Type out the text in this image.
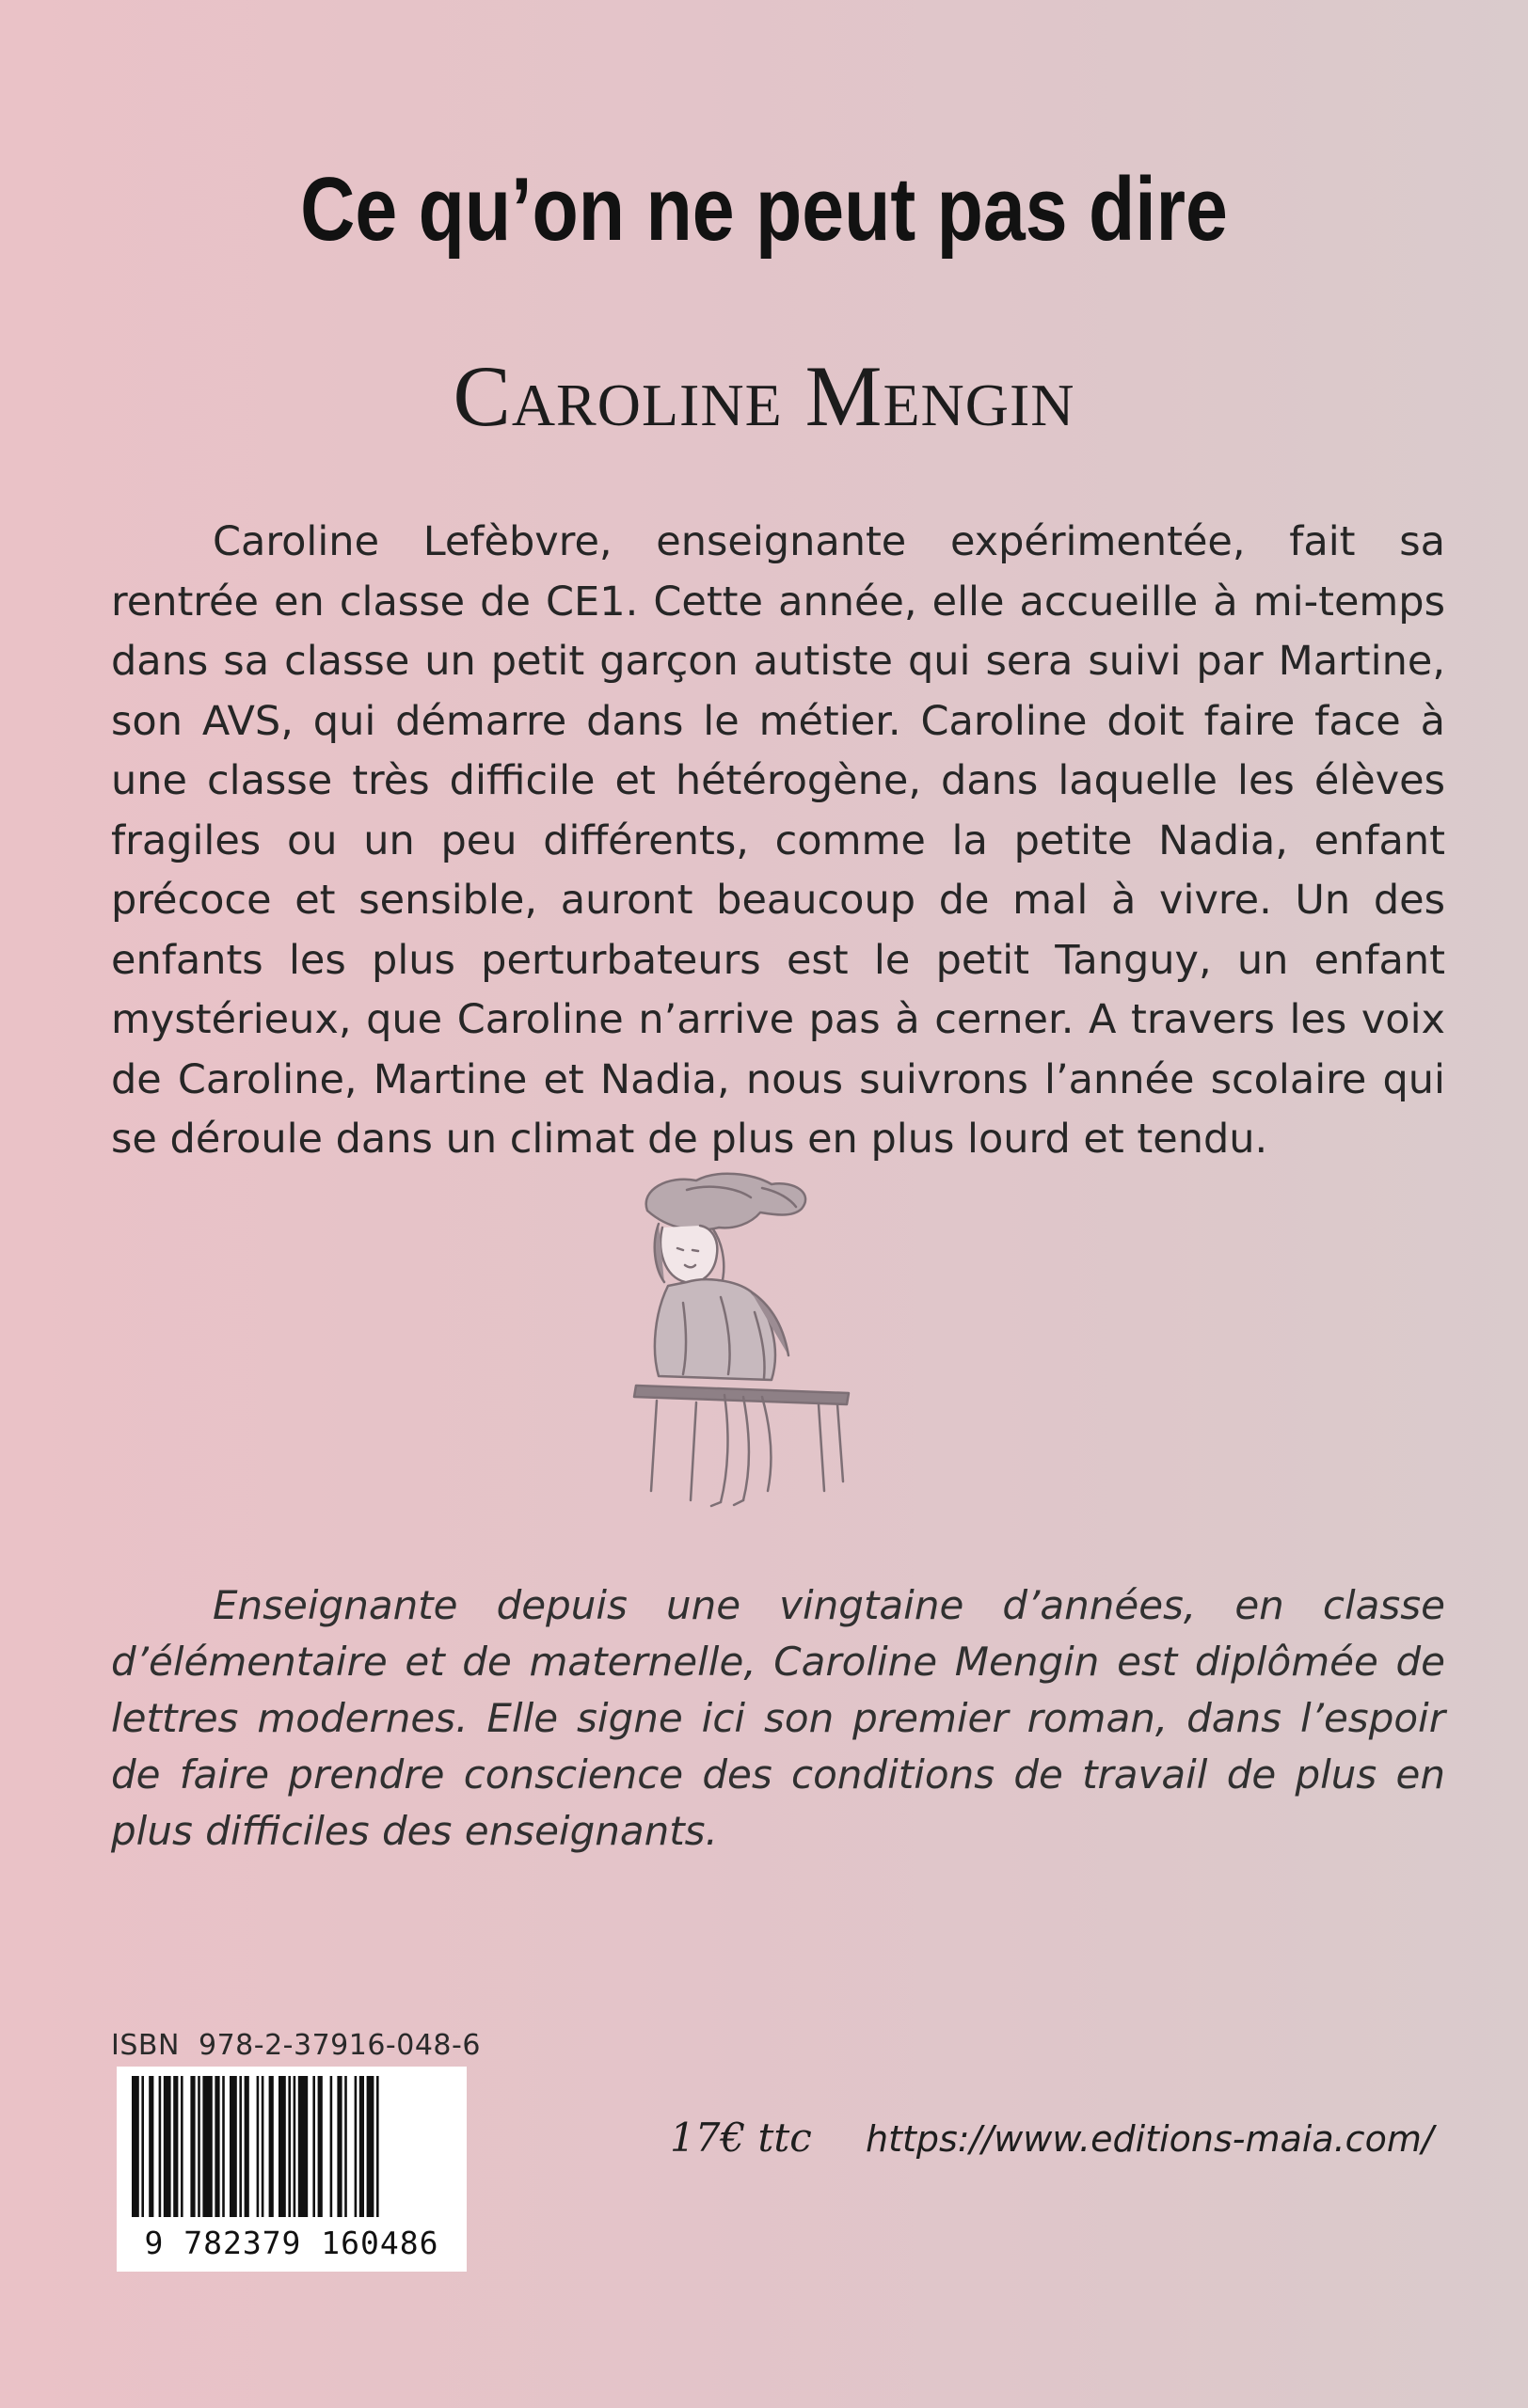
Ce qu’on ne peut pas dire
Caroline Mengin

Caroline Lefèbvre, enseignante expérimentée, fait sa rentrée en classe de CE1. Cette année, elle accueille à mi-temps dans sa classe un petit garçon autiste qui sera suivi par Martine, son AVS, qui démarre dans le métier. Caroline doit faire face à une classe très difficile et hétérogène, dans laquelle les élèves fragiles ou un peu différents, comme la petite Nadia, enfant précoce et sensible, auront beaucoup de mal à vivre. Un des enfants les plus perturbateurs est le petit Tanguy, un enfant mystérieux, que Caroline n’arrive pas à cerner. A travers les voix de Caroline, Martine et Nadia, nous suivrons l’année scolaire qui se déroule dans un climat de plus en plus lourd et tendu.

Enseignante depuis une vingtaine d’années, en classe d’élémentaire et de maternelle, Caroline Mengin est diplômée de lettres modernes. Elle signe ici son premier roman, dans l’espoir de faire prendre conscience des conditions de travail de plus en plus difficiles des enseignants.

ISBN  978-2-37916-048-6
9 782379 160486
17€ ttc https://www.editions-maia.com/
